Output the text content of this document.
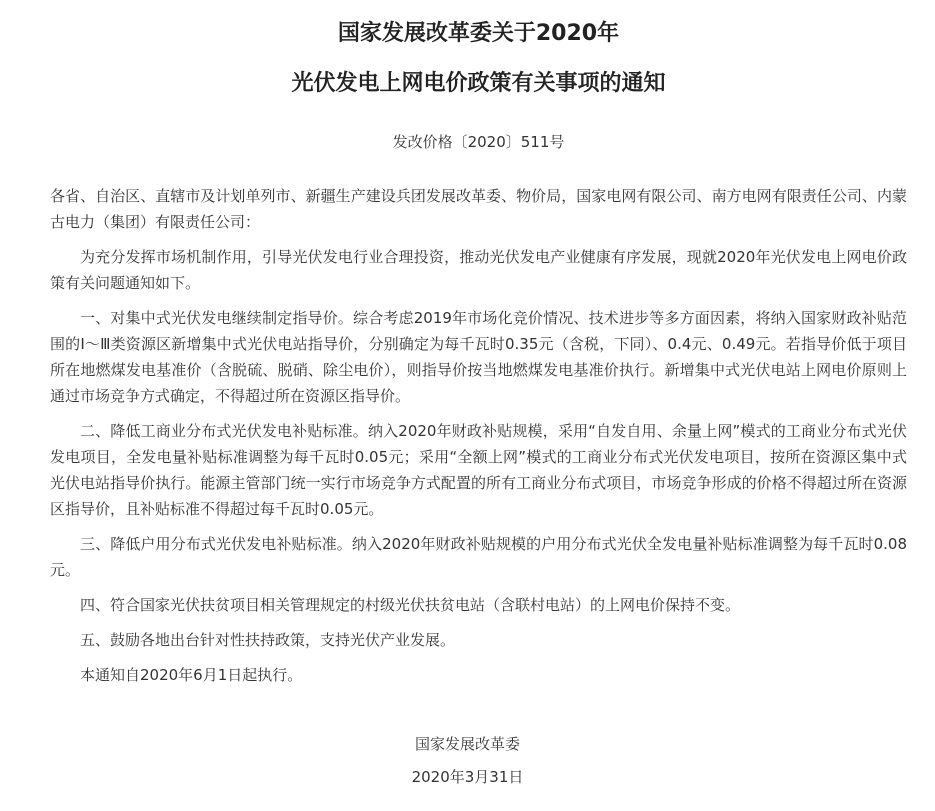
国家发展改革委关于2020年
光伏发电上网电价政策有关事项的通知
发改价格〔2020〕511号
各省、自治区、直辖市及计划单列市、新疆生产建设兵团发展改革委、物价局，国家电网有限公司、南方电网有限责任公司、内蒙古电力（集团）有限责任公司：
为充分发挥市场机制作用，引导光伏发电行业合理投资，推动光伏发电产业健康有序发展，现就2020年光伏发电上网电价政策有关问题通知如下。
一、对集中式光伏发电继续制定指导价。综合考虑2019年市场化竞价情况、技术进步等多方面因素，将纳入国家财政补贴范围的Ⅰ～Ⅲ类资源区新增集中式光伏电站指导价，分别确定为每千瓦时0.35元（含税，下同）、0.4元、0.49元。若指导价低于项目所在地燃煤发电基准价（含脱硫、脱硝、除尘电价），则指导价按当地燃煤发电基准价执行。新增集中式光伏电站上网电价原则上通过市场竞争方式确定，不得超过所在资源区指导价。
二、降低工商业分布式光伏发电补贴标准。纳入2020年财政补贴规模，采用“自发自用、余量上网”模式的工商业分布式光伏发电项目，全发电量补贴标准调整为每千瓦时0.05元；采用“全额上网”模式的工商业分布式光伏发电项目，按所在资源区集中式光伏电站指导价执行。能源主管部门统一实行市场竞争方式配置的所有工商业分布式项目，市场竞争形成的价格不得超过所在资源区指导价，且补贴标准不得超过每千瓦时0.05元。
三、降低户用分布式光伏发电补贴标准。纳入2020年财政补贴规模的户用分布式光伏全发电量补贴标准调整为每千瓦时0.08元。
四、符合国家光伏扶贫项目相关管理规定的村级光伏扶贫电站（含联村电站）的上网电价保持不变。
五、鼓励各地出台针对性扶持政策，支持光伏产业发展。
本通知自2020年6月1日起执行。
国家发展改革委
2020年3月31日
